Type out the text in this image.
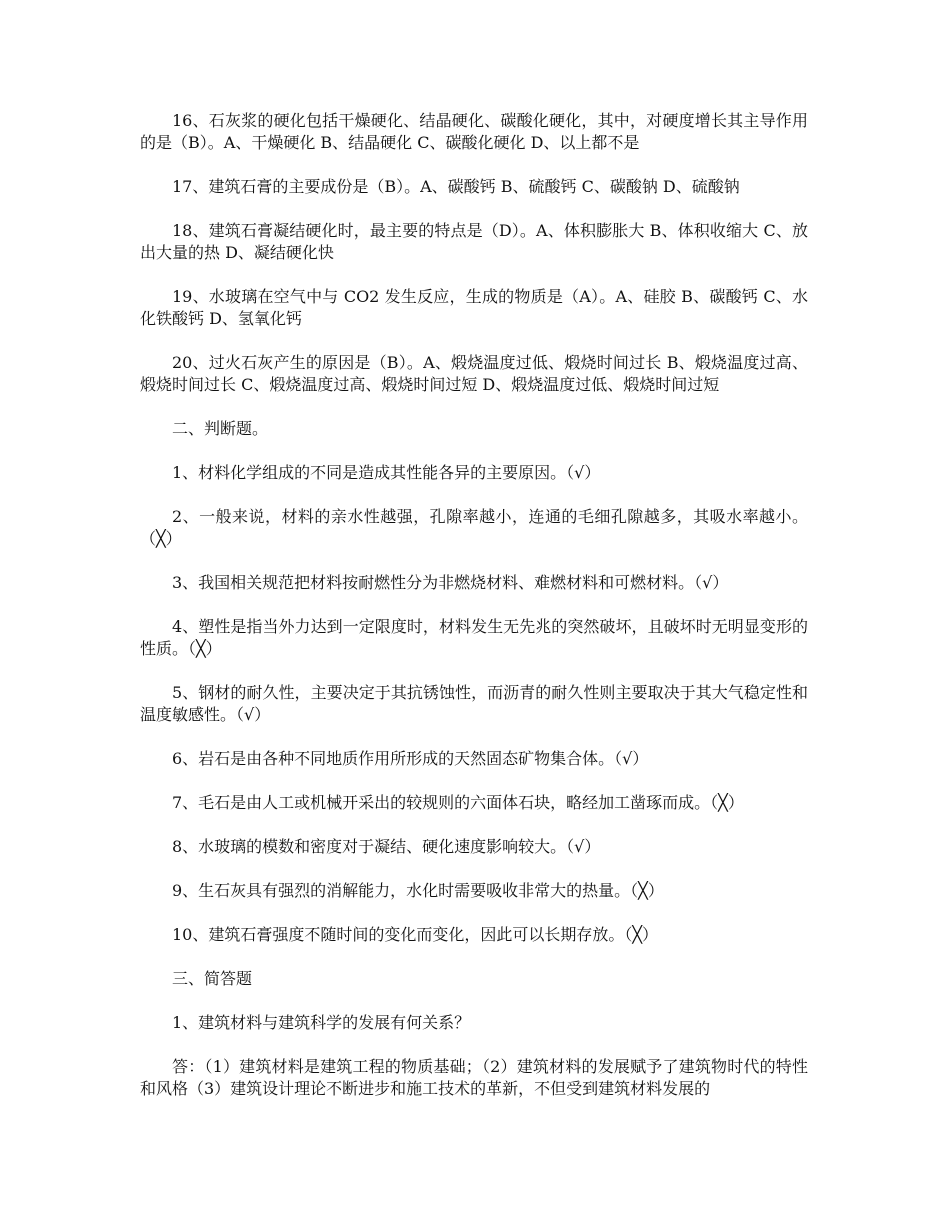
16、石灰浆的硬化包括干燥硬化、结晶硬化、碳酸化硬化，其中，对硬度增长其主导作用的是（B）。A、干燥硬化 B、结晶硬化 C、碳酸化硬化 D、以上都不是

17、建筑石膏的主要成份是（B）。A、碳酸钙 B、硫酸钙 C、碳酸钠 D、硫酸钠

18、建筑石膏凝结硬化时，最主要的特点是（D）。A、体积膨胀大 B、体积收缩大 C、放出大量的热 D、凝结硬化快

19、水玻璃在空气中与 CO2 发生反应，生成的物质是（A）。A、硅胶 B、碳酸钙 C、水化铁酸钙 D、氢氧化钙

20、过火石灰产生的原因是（B）。A、煅烧温度过低、煅烧时间过长 B、煅烧温度过高、煅烧时间过长 C、煅烧温度过高、煅烧时间过短 D、煅烧温度过低、煅烧时间过短

二、判断题。

1、材料化学组成的不同是造成其性能各异的主要原因。（√）

2、一般来说，材料的亲水性越强，孔隙率越小，连通的毛细孔隙越多，其吸水率越小。（╳）

3、我国相关规范把材料按耐燃性分为非燃烧材料、难燃材料和可燃材料。（√）

4、塑性是指当外力达到一定限度时，材料发生无先兆的突然破坏，且破坏时无明显变形的性质。（╳）

5、钢材的耐久性，主要决定于其抗锈蚀性，而沥青的耐久性则主要取决于其大气稳定性和温度敏感性。（√）

6、岩石是由各种不同地质作用所形成的天然固态矿物集合体。（√）

7、毛石是由人工或机械开采出的较规则的六面体石块，略经加工凿琢而成。（╳）

8、水玻璃的模数和密度对于凝结、硬化速度影响较大。（√）

9、生石灰具有强烈的消解能力，水化时需要吸收非常大的热量。（╳）

10、建筑石膏强度不随时间的变化而变化，因此可以长期存放。（╳）

三、简答题

1、建筑材料与建筑科学的发展有何关系？

答：（1）建筑材料是建筑工程的物质基础；（2）建筑材料的发展赋予了建筑物时代的特性和风格（3）建筑设计理论不断进步和施工技术的革新，不但受到建筑材料发展的
